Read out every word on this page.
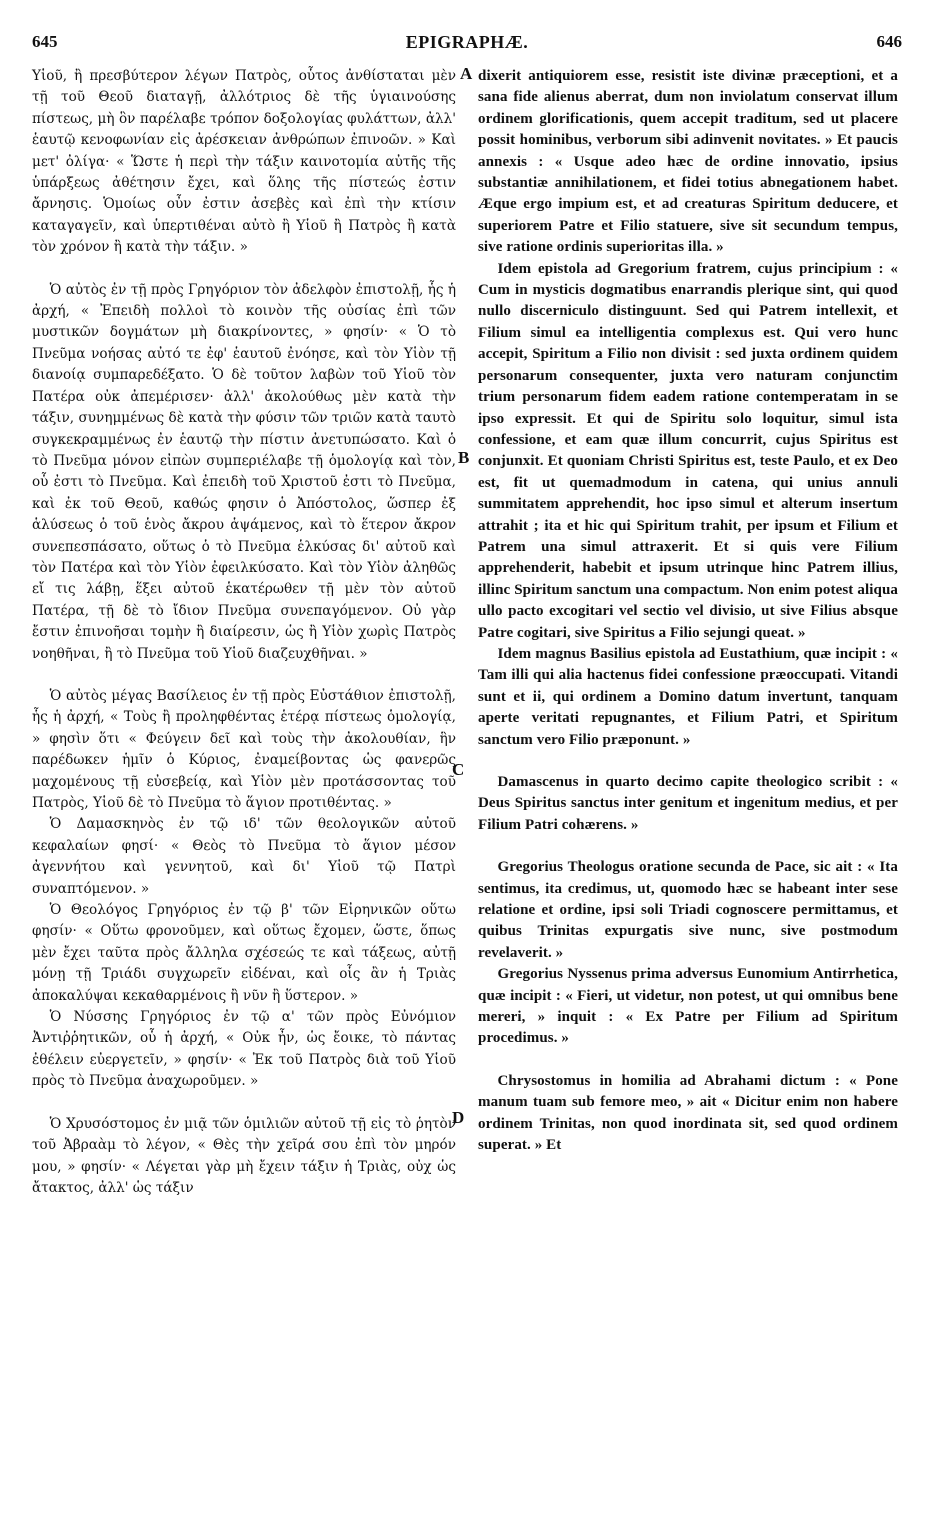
645	EPIGRAPHÆ.	646

Υἱοῦ, ἢ πρεσβύτερον λέγων Πατρὸς, οὗτος ἀνθίσταται μὲν τῇ τοῦ Θεοῦ διαταγῇ, ἀλλότριος δὲ τῆς ὑγιαινούσης πίστεως, μὴ ὃν παρέλαβε τρόπον δοξολογίας φυλάττων, ἀλλ' ἑαυτῷ κενοφωνίαν εἰς ἀρέσκειαν ἀνθρώπων ἐπινοῶν. » Καὶ μετ' ὀλίγα· « Ὥστε ἡ περὶ τὴν τάξιν καινοτομία αὐτῆς τῆς ὑπάρξεως ἀθέτησιν ἔχει, καὶ ὅλης τῆς πίστεώς ἐστιν ἄρνησις. Ὁμοίως οὖν ἐστιν ἀσεβὲς καὶ ἐπὶ τὴν κτίσιν καταγαγεῖν, καὶ ὑπερτιθέναι αὐτὸ ἢ Υἱοῦ ἢ Πατρὸς ἢ κατὰ τὸν χρόνον ἢ κατὰ τὴν τάξιν. »

Ὁ αὐτὸς ἐν τῇ πρὸς Γρηγόριον τὸν ἀδελφὸν ἐπιστολῇ, ἧς ἡ ἀρχή, « Ἐπειδὴ πολλοὶ τὸ κοινὸν τῆς οὐσίας ἐπὶ τῶν μυστικῶν δογμάτων μὴ διακρίνοντες, » φησίν· « Ὁ τὸ Πνεῦμα νοήσας αὐτό τε ἐφ' ἑαυτοῦ ἐνόησε, καὶ τὸν Υἱὸν τῇ διανοίᾳ συμπαρεδέξατο. Ὁ δὲ τοῦτον λαβὼν τοῦ Υἱοῦ τὸν Πατέρα οὐκ ἀπεμέρισεν· ἀλλ' ἀκολούθως μὲν κατὰ τὴν τάξιν, συνημμένως δὲ κατὰ τὴν φύσιν τῶν τριῶν κατὰ ταυτὸ συγκεκραμμένως ἐν ἑαυτῷ τὴν πίστιν ἀνετυπώσατο. Καὶ ὁ τὸ Πνεῦμα μόνον εἰπὼν συμπεριέλαβε τῇ ὁμολογίᾳ καὶ τὸν, οὗ ἐστι τὸ Πνεῦμα. Καὶ ἐπειδὴ τοῦ Χριστοῦ ἐστι τὸ Πνεῦμα, καὶ ἐκ τοῦ Θεοῦ, καθώς φησιν ὁ Ἀπόστολος, ὥσπερ ἐξ ἁλύσεως ὁ τοῦ ἑνὸς ἄκρου ἁψάμενος, καὶ τὸ ἕτερον ἄκρον συνεπεσπάσατο, οὕτως ὁ τὸ Πνεῦμα ἑλκύσας δι' αὐτοῦ καὶ τὸν Πατέρα καὶ τὸν Υἱὸν ἐφειλκύσατο. Καὶ τὸν Υἱὸν ἀληθῶς εἴ τις λάβῃ, ἕξει αὐτοῦ ἑκατέρωθεν τῇ μὲν τὸν αὐτοῦ Πατέρα, τῇ δὲ τὸ ἴδιον Πνεῦμα συνεπαγόμενον. Οὐ γὰρ ἔστιν ἐπινοῆσαι τομὴν ἢ διαίρεσιν, ὡς ἢ Υἱὸν χωρὶς Πατρὸς νοηθῆναι, ἢ τὸ Πνεῦμα τοῦ Υἱοῦ διαζευχθῆναι. »

Ὁ αὐτὸς μέγας Βασίλειος ἐν τῇ πρὸς Εὐστάθιον ἐπιστολῇ, ἧς ἡ ἀρχή, « Τοὺς ἢ προληφθέντας ἑτέρᾳ πίστεως ὁμολογίᾳ, » φησὶν ὅτι « Φεύγειν δεῖ καὶ τοὺς τὴν ἀκολουθίαν, ἣν παρέδωκεν ἡμῖν ὁ Κύριος, ἐναμείβοντας ὡς φανερῶς μαχομένους τῇ εὐσεβείᾳ, καὶ Υἱὸν μὲν προτάσσοντας τοῦ Πατρὸς, Υἱοῦ δὲ τὸ Πνεῦμα τὸ ἅγιον προτιθέντας. »

Ὁ Δαμασκηνὸς ἐν τῷ ιδ' τῶν θεολογικῶν αὐτοῦ κεφαλαίων φησί· « Θεὸς τὸ Πνεῦμα τὸ ἅγιον μέσον ἀγεννήτου καὶ γεννητοῦ, καὶ δι' Υἱοῦ τῷ Πατρὶ συναπτόμενον. »

Ὁ Θεολόγος Γρηγόριος ἐν τῷ β' τῶν Εἰρηνικῶν οὕτω φησίν· « Οὕτω φρονοῦμεν, καὶ οὕτως ἔχομεν, ὥστε, ὅπως μὲν ἔχει ταῦτα πρὸς ἄλληλα σχέσεώς τε καὶ τάξεως, αὐτῇ μόνῃ τῇ Τριάδι συγχωρεῖν εἰδέναι, καὶ οἷς ἂν ἡ Τριὰς ἀποκαλύψαι κεκαθαρμένοις ἢ νῦν ἢ ὕστερον. »

Ὁ Νύσσης Γρηγόριος ἐν τῷ α' τῶν πρὸς Εὐνόμιον Ἀντιῤῥητικῶν, οὗ ἡ ἀρχή, « Οὐκ ἦν, ὡς ἔοικε, τὸ πάντας ἐθέλειν εὐεργετεῖν, » φησίν· « Ἐκ τοῦ Πατρὸς διὰ τοῦ Υἱοῦ πρὸς τὸ Πνεῦμα ἀναχωροῦμεν. »

Ὁ Χρυσόστομος ἐν μιᾷ τῶν ὁμιλιῶν αὐτοῦ τῇ εἰς τὸ ῥητὸν τοῦ Ἀβραὰμ τὸ λέγον, « Θὲς τὴν χεῖρά σου ἐπὶ τὸν μηρόν μου, » φησίν· « Λέγεται γὰρ μὴ ἔχειν τάξιν ἡ Τριὰς, οὐχ ὡς ἄτακτος, ἀλλ' ὡς τάξιν

A
B
C
D

dixerit antiquiorem esse, resistit iste divinæ præceptioni, et a sana fide alienus aberrat, dum non inviolatum conservat illum ordinem glorificationis, quem accepit traditum, sed ut placere possit hominibus, verborum sibi adinvenit novitates. » Et paucis annexis : « Usque adeo hæc de ordine innovatio, ipsius substantiæ annihilationem, et fidei totius abnegationem habet. Æque ergo impium est, et ad creaturas Spiritum deducere, et superiorem Patre et Filio statuere, sive sit secundum tempus, sive ratione ordinis superioritas illa. »

Idem epistola ad Gregorium fratrem, cujus principium : « Cum in mysticis dogmatibus enarrandis plerique sint, qui quod nullo discerniculo distinguunt. Sed qui Patrem intellexit, et Filium simul ea intelligentia complexus est. Qui vero hunc accepit, Spiritum a Filio non divisit : sed juxta ordinem quidem personarum consequenter, juxta vero naturam conjunctim trium personarum fidem eadem ratione contemperatam in se ipso expressit. Et qui de Spiritu solo loquitur, simul ista confessione, et eam quæ illum concurrit, cujus Spiritus est conjunxit. Et quoniam Christi Spiritus est, teste Paulo, et ex Deo est, fit ut quemadmodum in catena, qui unius annuli summitatem apprehendit, hoc ipso simul et alterum insertum attrahit ; ita et hic qui Spiritum trahit, per ipsum et Filium et Patrem una simul attraxerit. Et si quis vere Filium apprehenderit, habebit et ipsum utrinque hinc Patrem illius, illinc Spiritum sanctum una compactum. Non enim potest aliqua ullo pacto excogitari vel sectio vel divisio, ut sive Filius absque Patre cogitari, sive Spiritus a Filio sejungi queat. »

Idem magnus Basilius epistola ad Eustathium, quæ incipit : « Tam illi qui alia hactenus fidei confessione præoccupati. Vitandi sunt et ii, qui ordinem a Domino datum invertunt, tanquam aperte veritati repugnantes, et Filium Patri, et Spiritum sanctum vero Filio præponunt. »

Damascenus in quarto decimo capite theologico scribit : « Deus Spiritus sanctus inter genitum et ingenitum medius, et per Filium Patri cohærens. »

Gregorius Theologus oratione secunda de Pace, sic ait : « Ita sentimus, ita credimus, ut, quomodo hæc se habeant inter sese relatione et ordine, ipsi soli Triadi cognoscere permittamus, et quibus Trinitas expurgatis sive nunc, sive postmodum revelaverit. »

Gregorius Nyssenus prima adversus Eunomium Antirrhetica, quæ incipit : « Fieri, ut videtur, non potest, ut qui omnibus bene mereri, » inquit : « Ex Patre per Filium ad Spiritum procedimus. »

Chrysostomus in homilia ad Abrahami dictum : « Pone manum tuam sub femore meo, » ait « Dicitur enim non habere ordinem Trinitas, non quod inordinata sit, sed quod ordinem superat. » Et
